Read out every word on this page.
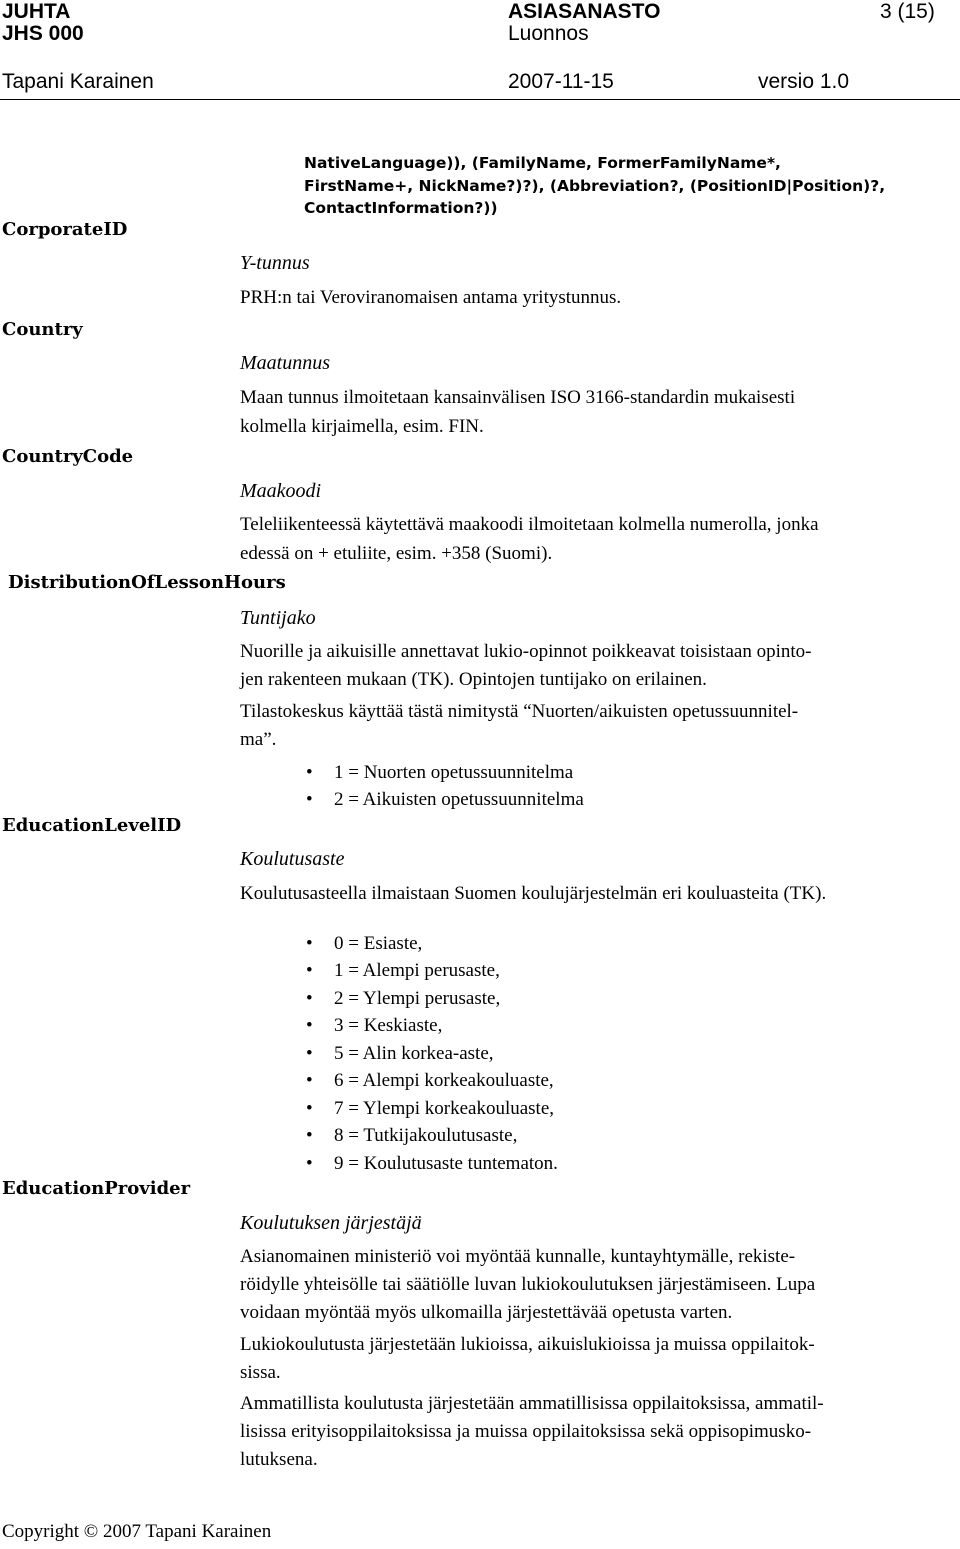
JUHTA
JHS 000
ASIASANASTO
Luonnos
3 (15)
Tapani Karainen	2007-11-15	versio 1.0
NativeLanguage)), (FamilyName, FormerFamilyName*,
FirstName+, NickName?)?), (Abbreviation?, (PositionID|Position)?,
ContactInformation?))
CorporateID
Country
CountryCode
DistributionOfLessonHours
EducationLevelID
EducationProvider
Y-tunnus
PRH:n tai Veroviranomaisen antama yritystunnus.
Maatunnus
Maan tunnus ilmoitetaan kansainvälisen ISO 3166-standardin mukaisesti
kolmella kirjaimella, esim. FIN.
Maakoodi
Teleliikenteessä käytettävä maakoodi ilmoitetaan kolmella numerolla, jonka
edessä on + etuliite, esim. +358 (Suomi).
Tuntijako
Nuorille ja aikuisille annettavat lukio-opinnot poikkeavat toisistaan opinto-
jen rakenteen mukaan (TK). Opintojen tuntijako on erilainen.
Tilastokeskus käyttää tästä nimitystä “Nuorten/aikuisten opetussuunnitel-
ma”.
• 1 = Nuorten opetussuunnitelma
• 2 = Aikuisten opetussuunnitelma
Koulutusaste
Koulutusasteella ilmaistaan Suomen koulujärjestelmän eri kouluasteita (TK).
• 0 = Esiaste,
• 1 = Alempi perusaste,
• 2 = Ylempi perusaste,
• 3 = Keskiaste,
• 5 = Alin korkea-aste,
• 6 = Alempi korkeakouluaste,
• 7 = Ylempi korkeakouluaste,
• 8 = Tutkijakoulutusaste,
• 9 = Koulutusaste tuntematon.
Koulutuksen järjestäjä
Asianomainen ministeriö voi myöntää kunnalle, kuntayhtymälle, rekiste-
röidylle yhteisölle tai säätiölle luvan lukiokoulutuksen järjestämiseen. Lupa
voidaan myöntää myös ulkomailla järjestettävää opetusta varten.
Lukiokoulutusta järjestetään lukioissa, aikuislukioissa ja muissa oppilaitok-
sissa.
Ammatillista koulutusta järjestetään ammatillisissa oppilaitoksissa, ammatil-
lisissa erityisoppilaitoksissa ja muissa oppilaitoksissa sekä oppisopimusko-
lutuksena.
Copyright © 2007 Tapani Karainen
